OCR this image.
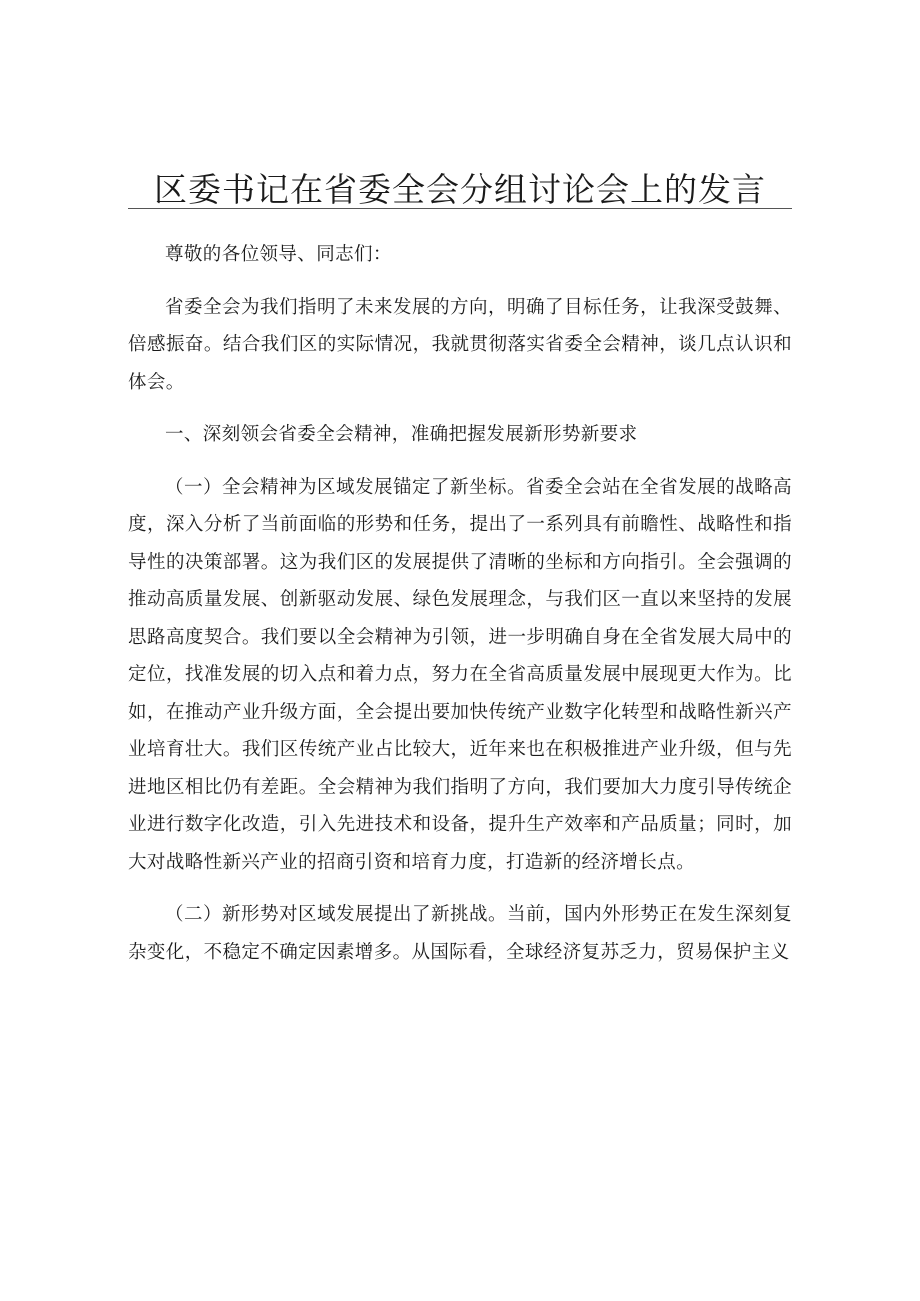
区委书记在省委全会分组讨论会上的发言

尊敬的各位领导、同志们：

省委全会为我们指明了未来发展的方向，明确了目标任务，让我深受鼓舞、倍感振奋。结合我们区的实际情况，我就贯彻落实省委全会精神，谈几点认识和体会。

一、深刻领会省委全会精神，准确把握发展新形势新要求

（一）全会精神为区域发展锚定了新坐标。省委全会站在全省发展的战略高度，深入分析了当前面临的形势和任务，提出了一系列具有前瞻性、战略性和指导性的决策部署。这为我们区的发展提供了清晰的坐标和方向指引。全会强调的推动高质量发展、创新驱动发展、绿色发展理念，与我们区一直以来坚持的发展思路高度契合。我们要以全会精神为引领，进一步明确自身在全省发展大局中的定位，找准发展的切入点和着力点，努力在全省高质量发展中展现更大作为。比如，在推动产业升级方面，全会提出要加快传统产业数字化转型和战略性新兴产业培育壮大。我们区传统产业占比较大，近年来也在积极推进产业升级，但与先进地区相比仍有差距。全会精神为我们指明了方向，我们要加大力度引导传统企业进行数字化改造，引入先进技术和设备，提升生产效率和产品质量；同时，加大对战略性新兴产业的招商引资和培育力度，打造新的经济增长点。

（二）新形势对区域发展提出了新挑战。当前，国内外形势正在发生深刻复杂变化，不稳定不确定因素增多。从国际看，全球经济复苏乏力，贸易保护主义
